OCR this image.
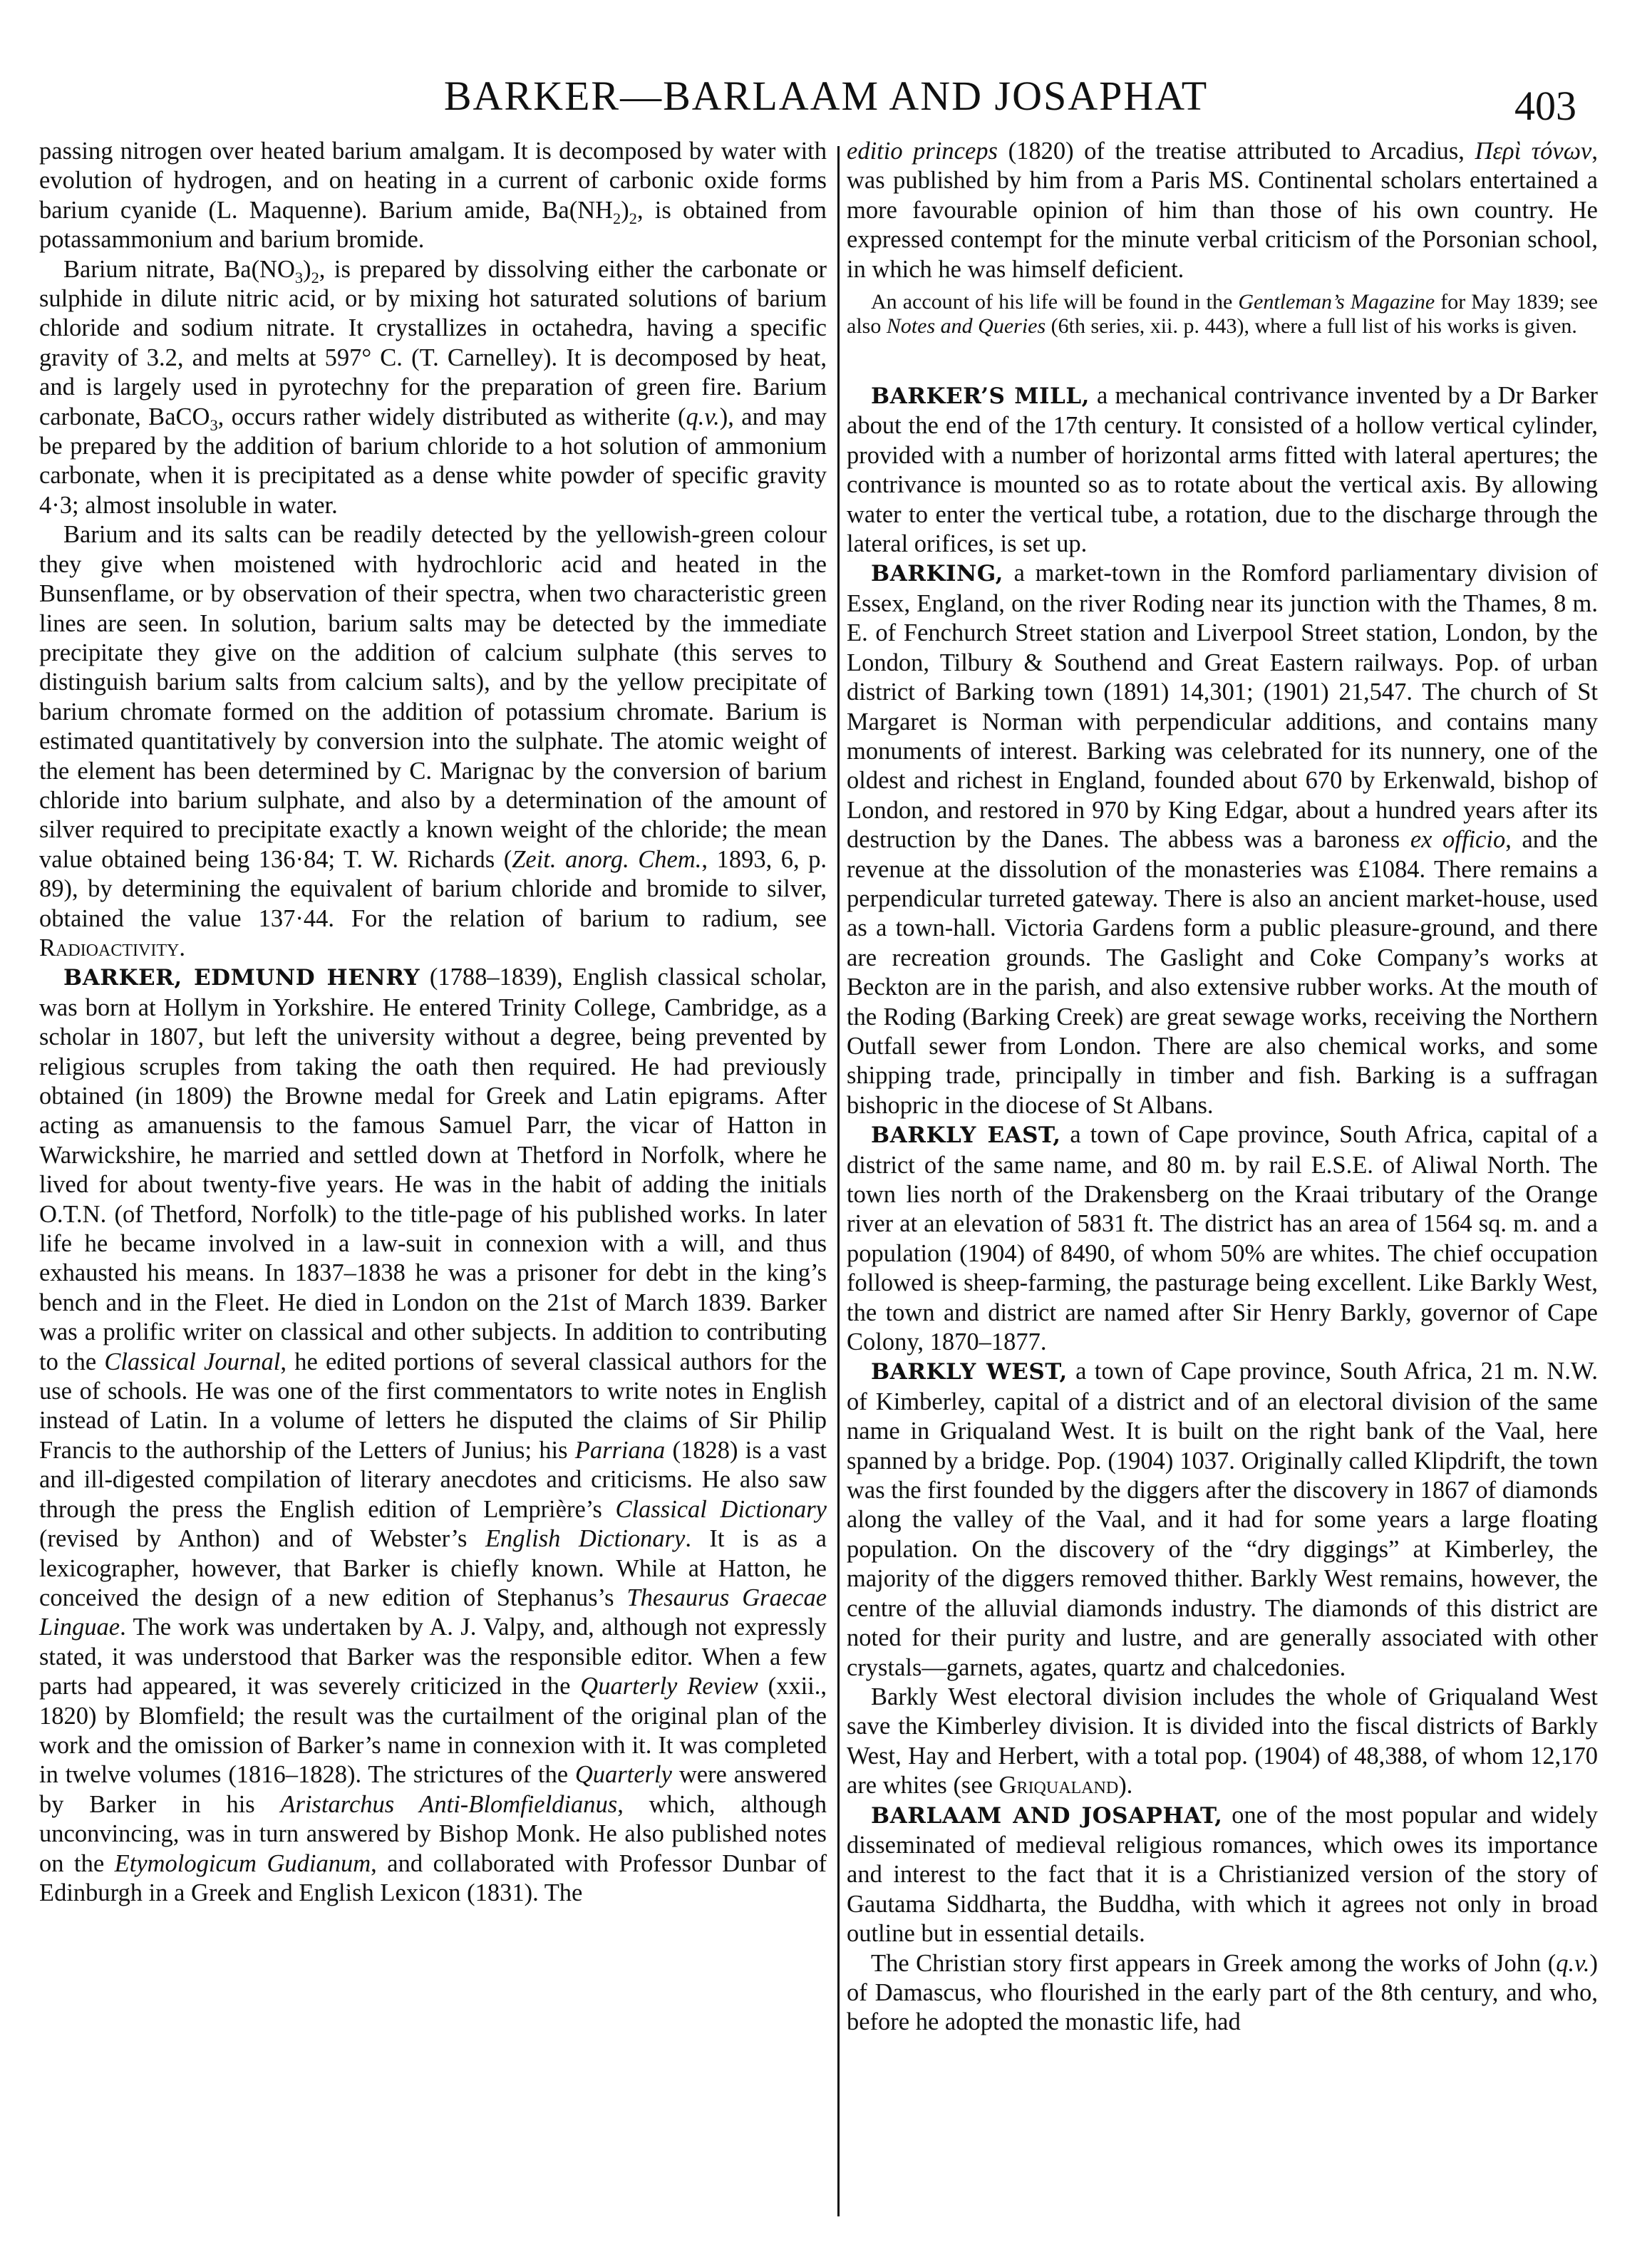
BARKER—BARLAAM AND JOSAPHAT	403

passing nitrogen over heated barium amalgam. It is decomposed by water with evolution of hydrogen, and on heating in a current of carbonic oxide forms barium cyanide (L. Maquenne). Barium amide, $Ba(NH_2)_2$, is obtained from potassammonium and barium bromide.

Barium nitrate, $Ba(NO_3)_2$, is prepared by dissolving either the carbonate or sulphide in dilute nitric acid, or by mixing hot saturated solutions of barium chloride and sodium nitrate. It crystallizes in octahedra, having a specific gravity of 3.2, and melts at 597° C. (T. Carnelley). It is decomposed by heat, and is largely used in pyrotechny for the preparation of green fire. Barium carbonate, BaCO$_3$, occurs rather widely distributed as witherite (q.v.), and may be prepared by the addition of barium chloride to a hot solution of ammonium carbonate, when it is precipitated as a dense white powder of specific gravity 4·3; almost insoluble in water.

Barium and its salts can be readily detected by the yellowish-green colour they give when moistened with hydrochloric acid and heated in the Bunsenflame, or by observation of their spectra, when two characteristic green lines are seen. In solution, barium salts may be detected by the immediate precipitate they give on the addition of calcium sulphate (this serves to distinguish barium salts from calcium salts), and by the yellow precipitate of barium chromate formed on the addition of potassium chromate. Barium is estimated quantitatively by conversion into the sulphate. The atomic weight of the element has been determined by C. Marignac by the conversion of barium chloride into barium sulphate, and also by a determination of the amount of silver required to precipitate exactly a known weight of the chloride; the mean value obtained being 136·84; T. W. Richards (Zeit. anorg. Chem., 1893, 6, p. 89), by determining the equivalent of barium chloride and bromide to silver, obtained the value 137·44. For the relation of barium to radium, see Radioactivity.

BARKER, EDMUND HENRY (1788–1839), English classical scholar, was born at Hollym in Yorkshire. He entered Trinity College, Cambridge, as a scholar in 1807, but left the university without a degree, being prevented by religious scruples from taking the oath then required. He had previously obtained (in 1809) the Browne medal for Greek and Latin epigrams. After acting as amanuensis to the famous Samuel Parr, the vicar of Hatton in Warwickshire, he married and settled down at Thetford in Norfolk, where he lived for about twenty-five years. He was in the habit of adding the initials O.T.N. (of Thetford, Norfolk) to the title-page of his published works. In later life he became involved in a law-suit in connexion with a will, and thus exhausted his means. In 1837–1838 he was a prisoner for debt in the king’s bench and in the Fleet. He died in London on the 21st of March 1839. Barker was a prolific writer on classical and other subjects. In addition to contributing to the Classical Journal, he edited portions of several classical authors for the use of schools. He was one of the first commentators to write notes in English instead of Latin. In a volume of letters he disputed the claims of Sir Philip Francis to the authorship of the Letters of Junius; his Parriana (1828) is a vast and ill-digested compilation of literary anecdotes and criticisms. He also saw through the press the English edition of Lemprière’s Classical Dictionary (revised by Anthon) and of Webster’s English Dictionary. It is as a lexicographer, however, that Barker is chiefly known. While at Hatton, he conceived the design of a new edition of Stephanus’s Thesaurus Graecae Linguae. The work was undertaken by A. J. Valpy, and, although not expressly stated, it was understood that Barker was the responsible editor. When a few parts had appeared, it was severely criticized in the Quarterly Review (xxii., 1820) by Blomfield; the result was the curtailment of the original plan of the work and the omission of Barker’s name in connexion with it. It was completed in twelve volumes (1816–1828). The strictures of the Quarterly were answered by Barker in his Aristarchus Anti-Blomfieldianus, which, although unconvincing, was in turn answered by Bishop Monk. He also published notes on the Etymologicum Gudianum, and collaborated with Professor Dunbar of Edinburgh in a Greek and English Lexicon (1831). The

editio princeps (1820) of the treatise attributed to Arcadius, Περὶ τόνων, was published by him from a Paris MS. Continental scholars entertained a more favourable opinion of him than those of his own country. He expressed contempt for the minute verbal criticism of the Porsonian school, in which he was himself deficient.

An account of his life will be found in the Gentleman’s Magazine for May 1839; see also Notes and Queries (6th series, xii. p. 443), where a full list of his works is given.

BARKER’S MILL, a mechanical contrivance invented by a Dr Barker about the end of the 17th century. It consisted of a hollow vertical cylinder, provided with a number of horizontal arms fitted with lateral apertures; the contrivance is mounted so as to rotate about the vertical axis. By allowing water to enter the vertical tube, a rotation, due to the discharge through the lateral orifices, is set up.

BARKING, a market-town in the Romford parliamentary division of Essex, England, on the river Roding near its junction with the Thames, 8 m. E. of Fenchurch Street station and Liverpool Street station, London, by the London, Tilbury & Southend and Great Eastern railways. Pop. of urban district of Barking town (1891) 14,301; (1901) 21,547. The church of St Margaret is Norman with perpendicular additions, and contains many monuments of interest. Barking was celebrated for its nunnery, one of the oldest and richest in England, founded about 670 by Erkenwald, bishop of London, and restored in 970 by King Edgar, about a hundred years after its destruction by the Danes. The abbess was a baroness ex officio, and the revenue at the dissolution of the monasteries was £1084. There remains a perpendicular turreted gateway. There is also an ancient market-house, used as a town-hall. Victoria Gardens form a public pleasure-ground, and there are recreation grounds. The Gaslight and Coke Company’s works at Beckton are in the parish, and also extensive rubber works. At the mouth of the Roding (Barking Creek) are great sewage works, receiving the Northern Outfall sewer from London. There are also chemical works, and some shipping trade, principally in timber and fish. Barking is a suffragan bishopric in the diocese of St Albans.

BARKLY EAST, a town of Cape province, South Africa, capital of a district of the same name, and 80 m. by rail E.S.E. of Aliwal North. The town lies north of the Drakensberg on the Kraai tributary of the Orange river at an elevation of 5831 ft. The district has an area of 1564 sq. m. and a population (1904) of 8490, of whom 50% are whites. The chief occupation followed is sheep-farming, the pasturage being excellent. Like Barkly West, the town and district are named after Sir Henry Barkly, governor of Cape Colony, 1870–1877.

BARKLY WEST, a town of Cape province, South Africa, 21 m. N.W. of Kimberley, capital of a district and of an electoral division of the same name in Griqualand West. It is built on the right bank of the Vaal, here spanned by a bridge. Pop. (1904) 1037. Originally called Klipdrift, the town was the first founded by the diggers after the discovery in 1867 of diamonds along the valley of the Vaal, and it had for some years a large floating population. On the discovery of the “dry diggings” at Kimberley, the majority of the diggers removed thither. Barkly West remains, however, the centre of the alluvial diamonds industry. The diamonds of this district are noted for their purity and lustre, and are generally associated with other crystals—garnets, agates, quartz and chalcedonies.

Barkly West electoral division includes the whole of Griqualand West save the Kimberley division. It is divided into the fiscal districts of Barkly West, Hay and Herbert, with a total pop. (1904) of 48,388, of whom 12,170 are whites (see Griqualand).

BARLAAM AND JOSAPHAT, one of the most popular and widely disseminated of medieval religious romances, which owes its importance and interest to the fact that it is a Christianized version of the story of Gautama Siddharta, the Buddha, with which it agrees not only in broad outline but in essential details.

The Christian story first appears in Greek among the works of John (q.v.) of Damascus, who flourished in the early part of the 8th century, and who, before he adopted the monastic life, had
